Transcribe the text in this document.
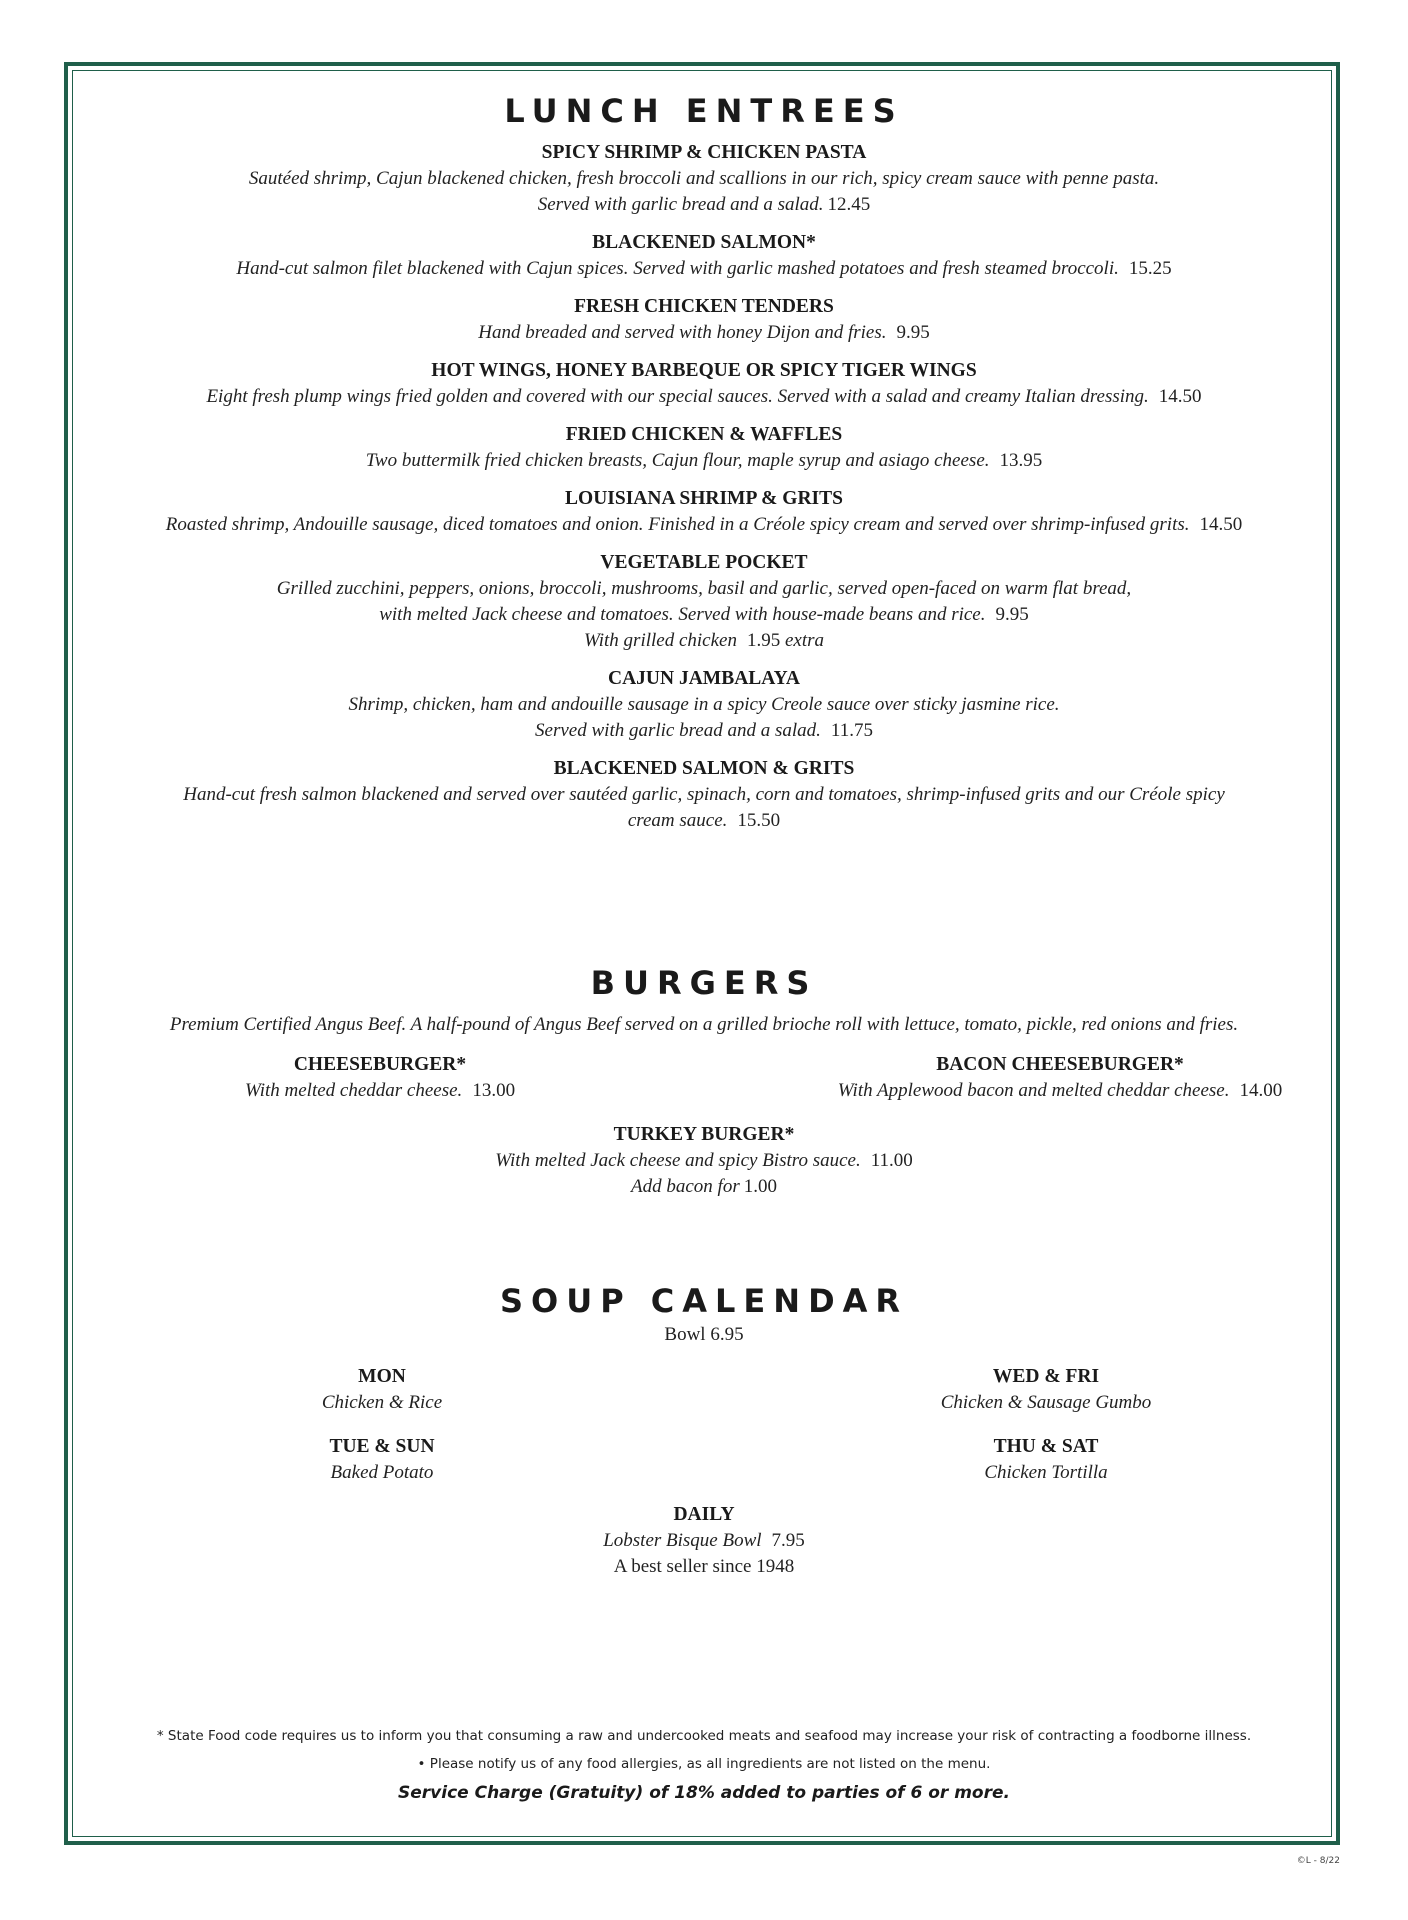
LUNCH ENTREES
SPICY SHRIMP & CHICKEN PASTA
Sautéed shrimp, Cajun blackened chicken, fresh broccoli and scallions in our rich, spicy cream sauce with penne pasta.
Served with garlic bread and a salad. 12.45
BLACKENED SALMON*
Hand-cut salmon filet blackened with Cajun spices. Served with garlic mashed potatoes and fresh steamed broccoli. 15.25
FRESH CHICKEN TENDERS
Hand breaded and served with honey Dijon and fries. 9.95
HOT WINGS, HONEY BARBEQUE OR SPICY TIGER WINGS
Eight fresh plump wings fried golden and covered with our special sauces. Served with a salad and creamy Italian dressing. 14.50
FRIED CHICKEN & WAFFLES
Two buttermilk fried chicken breasts, Cajun flour, maple syrup and asiago cheese. 13.95
LOUISIANA SHRIMP & GRITS
Roasted shrimp, Andouille sausage, diced tomatoes and onion. Finished in a Créole spicy cream and served over shrimp-infused grits. 14.50
VEGETABLE POCKET
Grilled zucchini, peppers, onions, broccoli, mushrooms, basil and garlic, served open-faced on warm flat bread,
with melted Jack cheese and tomatoes. Served with house-made beans and rice. 9.95
With grilled chicken 1.95 extra
CAJUN JAMBALAYA
Shrimp, chicken, ham and andouille sausage in a spicy Creole sauce over sticky jasmine rice.
Served with garlic bread and a salad. 11.75
BLACKENED SALMON & GRITS
Hand-cut fresh salmon blackened and served over sautéed garlic, spinach, corn and tomatoes, shrimp-infused grits and our Créole spicy
cream sauce. 15.50
BURGERS
Premium Certified Angus Beef. A half-pound of Angus Beef served on a grilled brioche roll with lettuce, tomato, pickle, red onions and fries.
CHEESEBURGER*
With melted cheddar cheese. 13.00
BACON CHEESEBURGER*
With Applewood bacon and melted cheddar cheese. 14.00
TURKEY BURGER*
With melted Jack cheese and spicy Bistro sauce. 11.00
Add bacon for 1.00
SOUP CALENDAR
Bowl 6.95
MON
Chicken & Rice
WED & FRI
Chicken & Sausage Gumbo
TUE & SUN
Baked Potato
THU & SAT
Chicken Tortilla
DAILY
Lobster Bisque Bowl 7.95
A best seller since 1948
* State Food code requires us to inform you that consuming a raw and undercooked meats and seafood may increase your risk of contracting a foodborne illness.
• Please notify us of any food allergies, as all ingredients are not listed on the menu.
Service Charge (Gratuity) of 18% added to parties of 6 or more.
©L - 8/22
